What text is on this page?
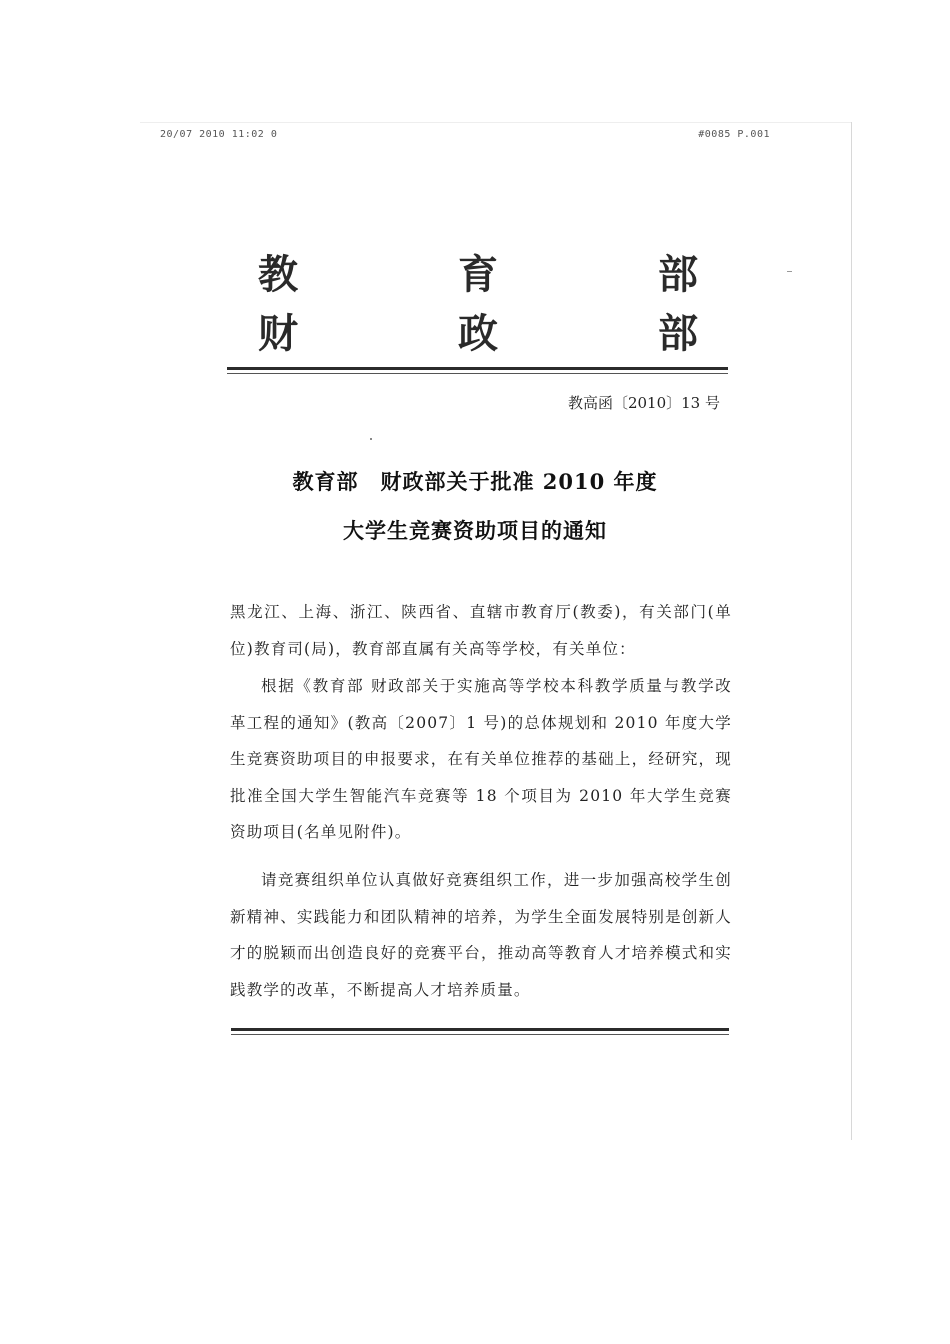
20/07 2010 11:02 0	#0085 P.001
教	育	部
财	政	部
教高函〔2010〕13 号
教育部　财政部关于批准 2010 年度
大学生竞赛资助项目的通知

黑龙江、上海、浙江、陕西省、直辖市教育厅(教委)，有关部门(单位)教育司(局)，教育部直属有关高等学校，有关单位：

根据《教育部 财政部关于实施高等学校本科教学质量与教学改革工程的通知》(教高〔2007〕1 号)的总体规划和 2010 年度大学生竞赛资助项目的申报要求，在有关单位推荐的基础上，经研究，现批准全国大学生智能汽车竞赛等 18 个项目为 2010 年大学生竞赛资助项目(名单见附件)。

请竞赛组织单位认真做好竞赛组织工作，进一步加强高校学生创新精神、实践能力和团队精神的培养，为学生全面发展特别是创新人才的脱颖而出创造良好的竞赛平台，推动高等教育人才培养模式和实践教学的改革，不断提高人才培养质量。
